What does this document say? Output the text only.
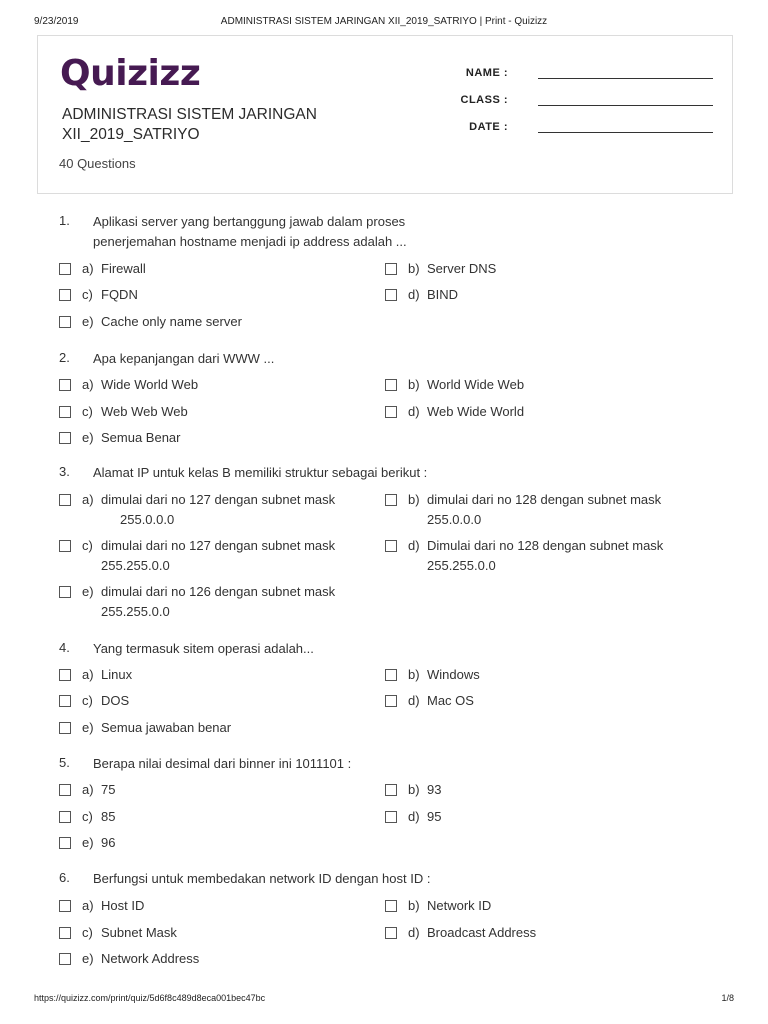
9/23/2019	ADMINISTRASI SISTEM JARINGAN XII_2019_SATRIYO | Print - Quizizz
Quizizz
ADMINISTRASI SISTEM JARINGAN
XII_2019_SATRIYO
40 Questions
NAME :
CLASS :
DATE :
1. Aplikasi server yang bertanggung jawab dalam proses
penerjemahan hostname menjadi ip address adalah ...
a) Firewall	b) Server DNS
c) FQDN	d) BIND
e) Cache only name server
2. Apa kepanjangan dari WWW ...
a) Wide World Web	b) World Wide Web
c) Web Web Web	d) Web Wide World
e) Semua Benar
3. Alamat IP untuk kelas B memiliki struktur sebagai berikut :
a) dimulai dari no 127 dengan subnet mask
255.0.0.0
b) dimulai dari no 128 dengan subnet mask
255.0.0.0
c) dimulai dari no 127 dengan subnet mask
255.255.0.0
d) Dimulai dari no 128 dengan subnet mask
255.255.0.0
e) dimulai dari no 126 dengan subnet mask
255.255.0.0
4. Yang termasuk sitem operasi adalah...
a) Linux	b) Windows
c) DOS	d) Mac OS
e) Semua jawaban benar
5. Berapa nilai desimal dari binner ini 1011101 :
a) 75	b) 93
c) 85	d) 95
e) 96
6. Berfungsi untuk membedakan network ID dengan host ID :
a) Host ID	b) Network ID
c) Subnet Mask	d) Broadcast Address
e) Network Address
https://quizizz.com/print/quiz/5d6f8c489d8eca001bec47bc	1/8
